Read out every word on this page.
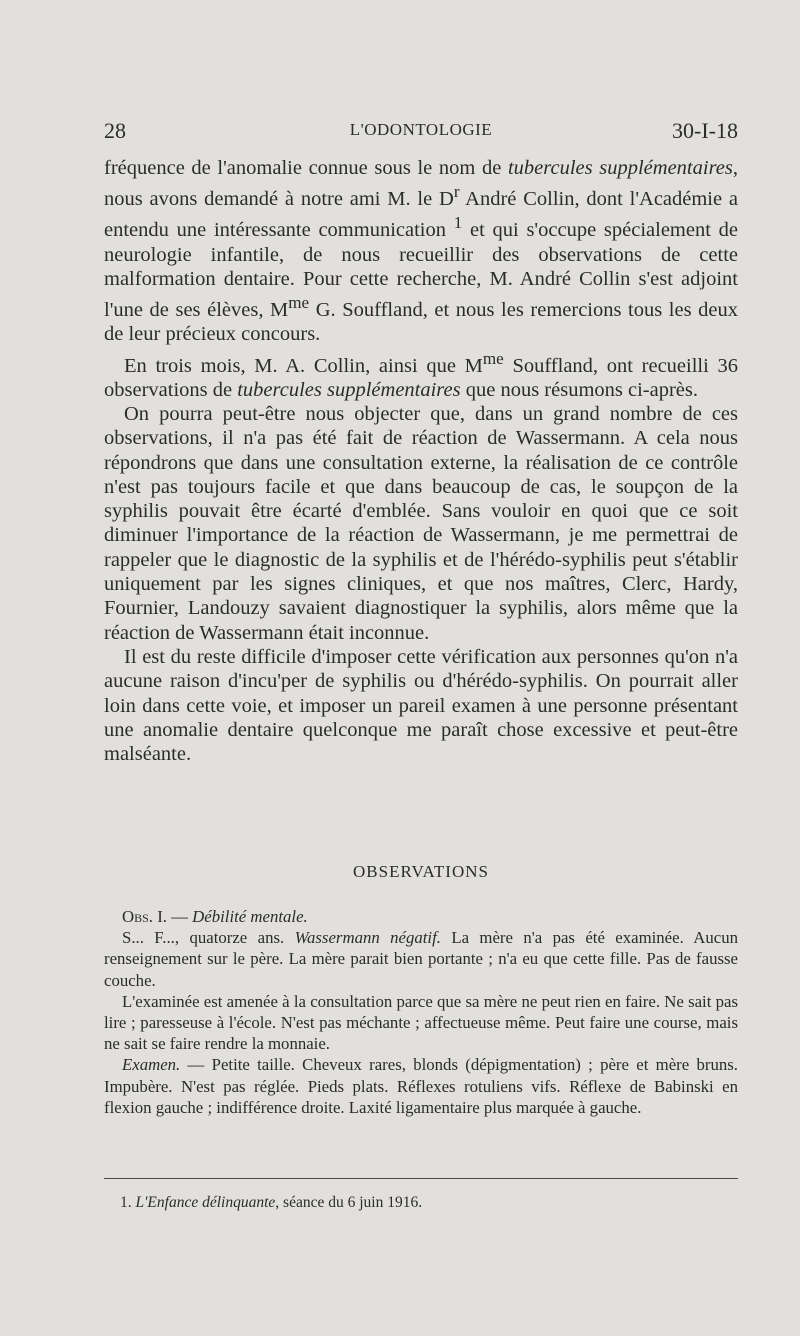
28	L'ODONTOLOGIE	30-I-18

fréquence de l'anomalie connue sous le nom de tubercules supplémentaires, nous avons demandé à notre ami M. le $D^r$ André Collin, dont l'Académie a entendu une intéressante communication $^1$ et qui s'occupe spécialement de neurologie infantile, de nous recueillir des observations de cette malformation dentaire. Pour cette recherche, M. André Collin s'est adjoint l'une de ses élèves, $M^{me}$ G. Souffland, et nous les remercions tous les deux de leur précieux concours.

En trois mois, M. A. Collin, ainsi que $M^{me}$ Souffland, ont recueilli 36 observations de tubercules supplémentaires que nous résumons ci-après.

On pourra peut-être nous objecter que, dans un grand nombre de ces observations, il n'a pas été fait de réaction de Wassermann. A cela nous répondrons que dans une consultation externe, la réalisation de ce contrôle n'est pas toujours facile et que dans beaucoup de cas, le soupçon de la syphilis pouvait être écarté d'emblée. Sans vouloir en quoi que ce soit diminuer l'importance de la réaction de Wassermann, je me permettrai de rappeler que le diagnostic de la syphilis et de l'hérédo-syphilis peut s'établir uniquement par les signes cliniques, et que nos maîtres, Clerc, Hardy, Fournier, Landouzy savaient diagnostiquer la syphilis, alors même que la réaction de Wassermann était inconnue.

Il est du reste difficile d'imposer cette vérification aux personnes qu'on n'a aucune raison d'incu'per de syphilis ou d'hérédo-syphilis. On pourrait aller loin dans cette voie, et imposer un pareil examen à une personne présentant une anomalie dentaire quelconque me paraît chose excessive et peut-être malséante.

OBSERVATIONS

Obs. I. — Débilité mentale.

S... F..., quatorze ans. Wassermann négatif. La mère n'a pas été examinée. Aucun renseignement sur le père. La mère parait bien portante ; n'a eu que cette fille. Pas de fausse couche.

L'examinée est amenée à la consultation parce que sa mère ne peut rien en faire. Ne sait pas lire ; paresseuse à l'école. N'est pas méchante ; affectueuse même. Peut faire une course, mais ne sait se faire rendre la monnaie.

Examen. — Petite taille. Cheveux rares, blonds (dépigmentation) ; père et mère bruns. Impubère. N'est pas réglée. Pieds plats. Réflexes rotuliens vifs. Réflexe de Babinski en flexion gauche ; indifférence droite. Laxité ligamentaire plus marquée à gauche.

1. L'Enfance délinquante, séance du 6 juin 1916.
